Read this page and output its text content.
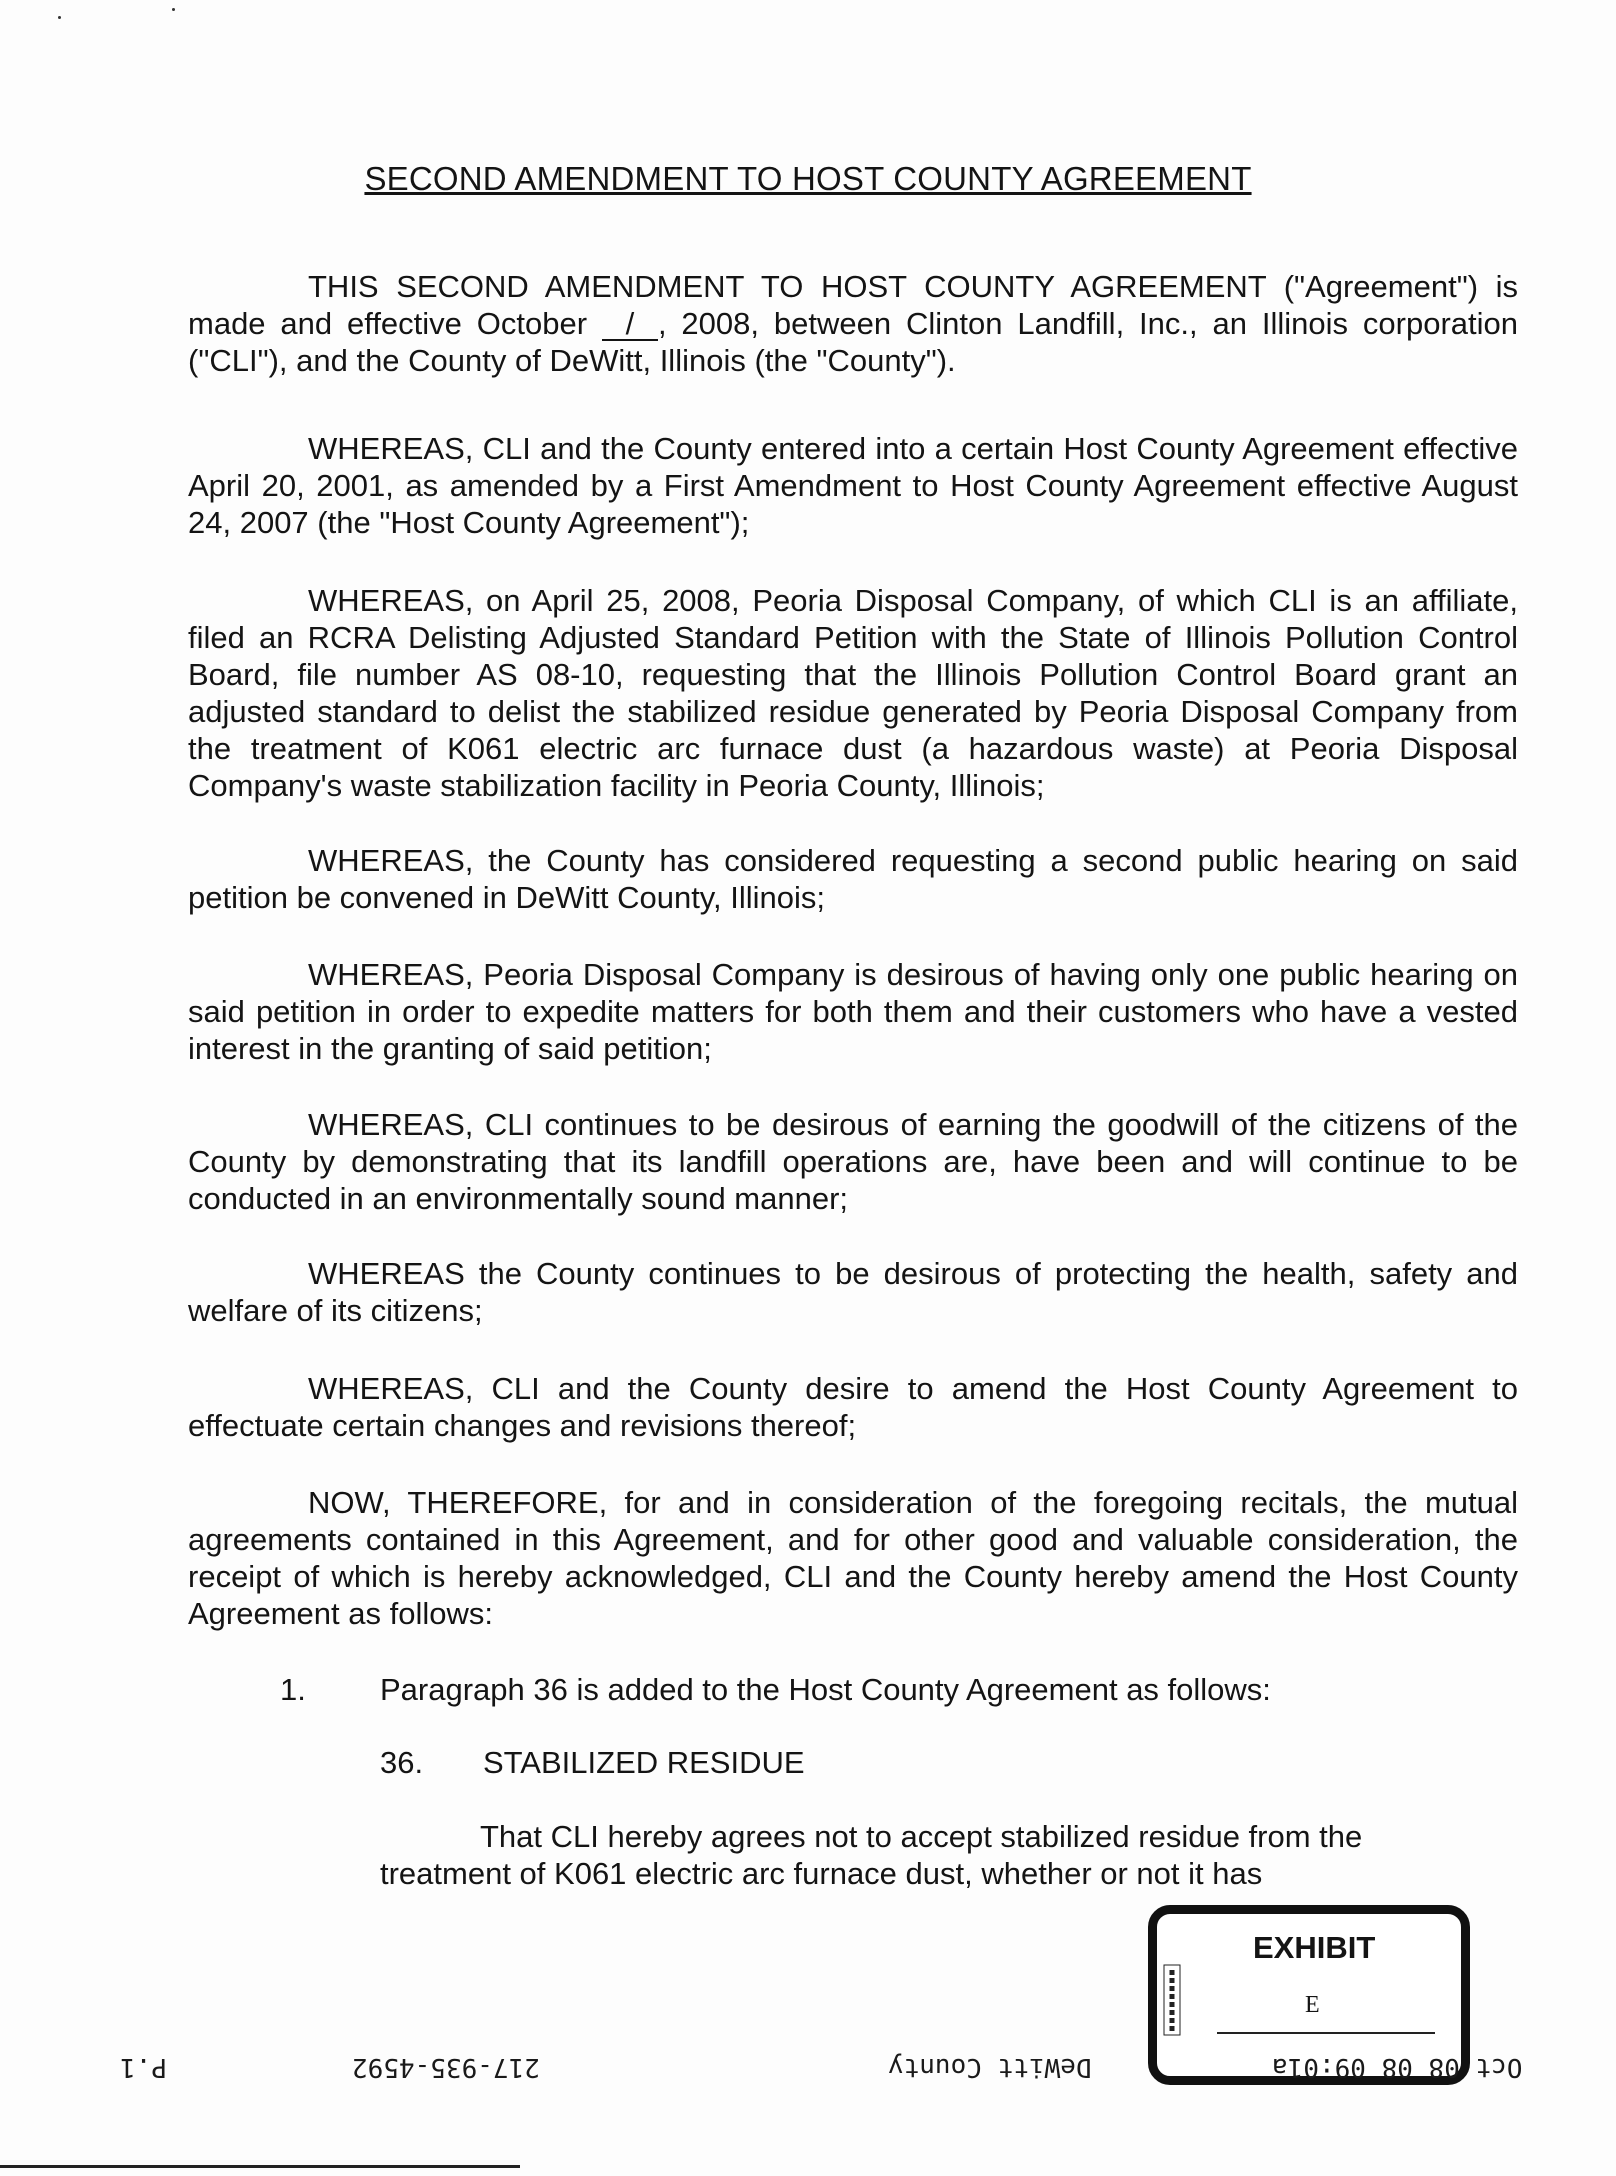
SECOND AMENDMENT TO HOST COUNTY AGREEMENT

THIS SECOND AMENDMENT TO HOST COUNTY AGREEMENT ("Agreement") is made and effective October / , 2008, between Clinton Landfill, Inc., an Illinois corporation ("CLI"), and the County of DeWitt, Illinois (the "County").

WHEREAS, CLI and the County entered into a certain Host County Agreement effective April 20, 2001, as amended by a First Amendment to Host County Agreement effective August 24, 2007 (the "Host County Agreement");

WHEREAS, on April 25, 2008, Peoria Disposal Company, of which CLI is an affiliate, filed an RCRA Delisting Adjusted Standard Petition with the State of Illinois Pollution Control Board, file number AS 08-10, requesting that the Illinois Pollution Control Board grant an adjusted standard to delist the stabilized residue generated by Peoria Disposal Company from the treatment of K061 electric arc furnace dust (a hazardous waste) at Peoria Disposal Company's waste stabilization facility in Peoria County, Illinois;

WHEREAS, the County has considered requesting a second public hearing on said petition be convened in DeWitt County, Illinois;

WHEREAS, Peoria Disposal Company is desirous of having only one public hearing on said petition in order to expedite matters for both them and their customers who have a vested interest in the granting of said petition;

WHEREAS, CLI continues to be desirous of earning the goodwill of the citizens of the County by demonstrating that its landfill operations are, have been and will continue to be conducted in an environmentally sound manner;

WHEREAS the County continues to be desirous of protecting the health, safety and welfare of its citizens;

WHEREAS, CLI and the County desire to amend the Host County Agreement to effectuate certain changes and revisions thereof;

NOW, THEREFORE, for and in consideration of the foregoing recitals, the mutual agreements contained in this Agreement, and for other good and valuable consideration, the receipt of which is hereby acknowledged, CLI and the County hereby amend the Host County Agreement as follows:

1. Paragraph 36 is added to the Host County Agreement as follows:
36. STABILIZED RESIDUE

That CLI hereby agrees not to accept stabilized residue from the treatment of K061 electric arc furnace dust, whether or not it has

EXHIBIT
E
P.1	217-935-4592	DeWitt County	Oct 08 08 09:01a
